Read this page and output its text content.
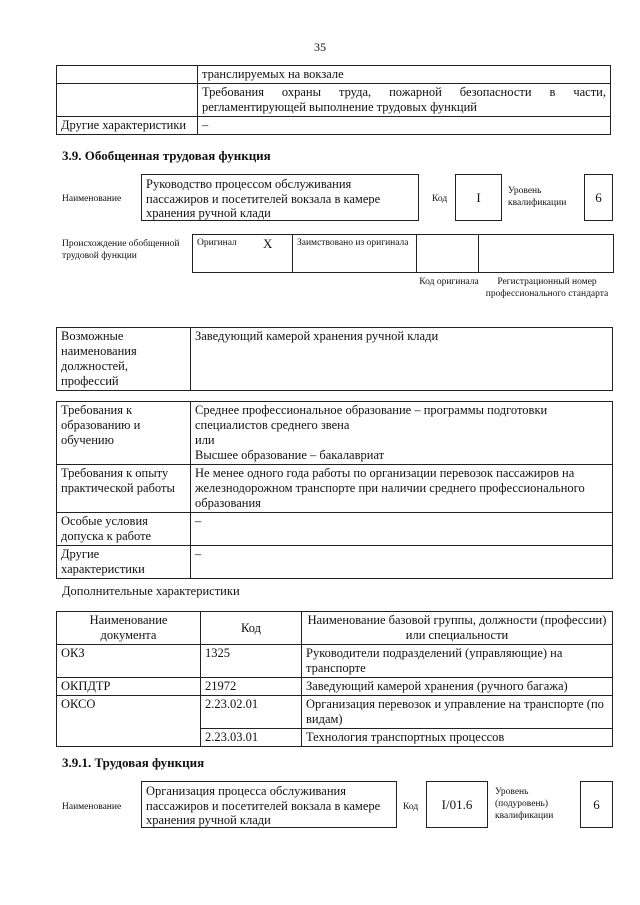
35
	транслируемых на вокзале
	Требования охраны труда, пожарной безопасности в части, регламентирующей выполнение трудовых функций
Другие характеристики	–
3.9. Обобщенная трудовая функция
Наименование
Руководство процессом обслуживания пассажиров и посетителей вокзала в камере хранения ручной клади
Код I	Уровень квалификации	6
Происхождение обобщенной трудовой функции
Оригинал X	Заимствовано из оригинала		
Код оригинала	Регистрационный номер профессионального стандарта
Возможные наименования должностей, профессий	Заведующий камерой хранения ручной клади
Требования к образованию и обучению	Среднее профессиональное образование – программы подготовки специалистов среднего звена
или
Высшее образование – бакалавриат

Требования к опыту практической работы	Не менее одного года работы по организации перевозок пассажиров на железнодорожном транспорте при наличии среднего профессионального образования
Особые условия допуска к работе	–
Другие характеристики	–
Дополнительные характеристики
Наименование документа	Код	Наименование базовой группы, должности (профессии) или специальности
ОКЗ	1325	Руководители подразделений (управляющие) на транспорте
ОКПДТР	21972	Заведующий камерой хранения (ручного багажа)
ОКСО	2.23.02.01	Организация перевозок и управление на транспорте (по видам)
	2.23.03.01	Технология транспортных процессов
3.9.1. Трудовая функция
Наименование
Организация процесса обслуживания пассажиров и посетителей вокзала в камере хранения ручной клади
Код I/01.6
Уровень (подуровень) квалификации
6
